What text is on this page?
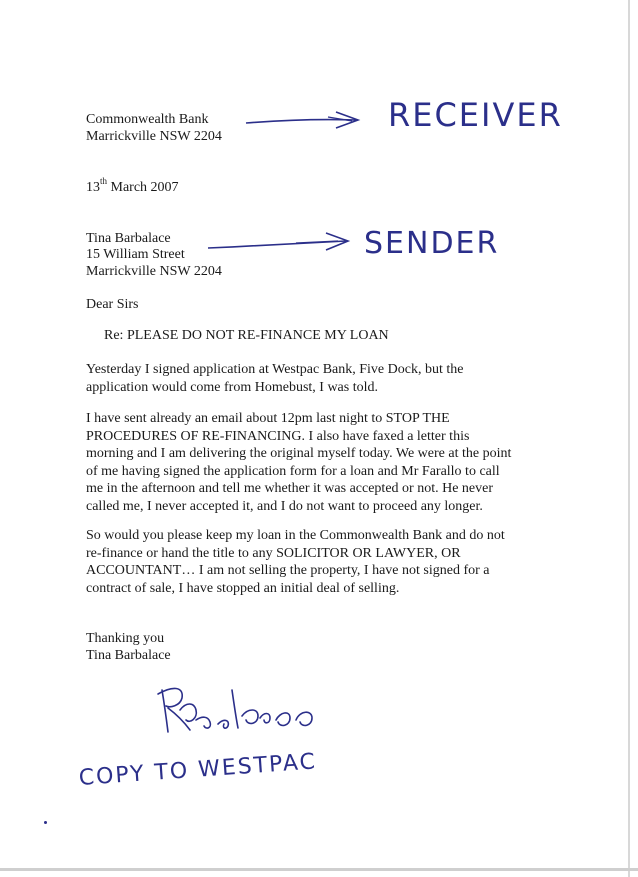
Commonwealth Bank
Marrickville NSW 2204
RECEIVER
13th March 2007
Tina Barbalace
15 William Street
Marrickville NSW 2204
SENDER
Dear Sirs
Re: PLEASE DO NOT RE-FINANCE MY LOAN
Yesterday I signed application at Westpac Bank, Five Dock, but the
application would come from Homebust, I was told.
I have sent already an email about 12pm last night to STOP THE
PROCEDURES OF RE-FINANCING. I also have faxed a letter this
morning and I am delivering the original myself today. We were at the point
of me having signed the application form for a loan and Mr Farallo to call
me in the afternoon and tell me whether it was accepted or not. He never
called me, I never accepted it, and I do not want to proceed any longer.
So would you please keep my loan in the Commonwealth Bank and do not
re-finance or hand the title to any SOLICITOR OR LAWYER, OR
ACCOUNTANT… I am not selling the property, I have not signed for a
contract of sale, I have stopped an initial deal of selling.
Thanking you
Tina Barbalace
COPY TO WESTPAC
